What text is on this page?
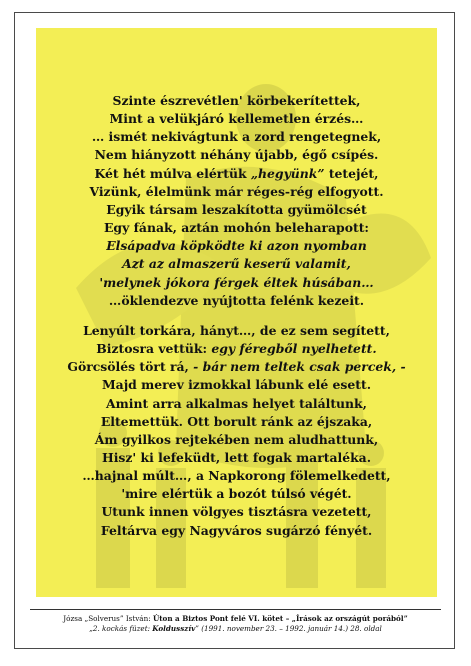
Szinte észrevétlen' körbekerítettek,
Mint a velükjáró kellemetlen érzés…
… ismét nekivágtunk a zord rengetegnek,
Nem hiányzott néhány újabb, égő csípés.
Két hét múlva elértük „hegyünk” tetejét,
Vizünk, élelmünk már réges-rég elfogyott.
Egyik társam leszakította gyümölcsét
Egy fának, aztán mohón beleharapott:
Elsápadva köpködte ki azon nyomban
Azt az almaszerű keserű valamit,
'melynek jókora férgek éltek húsában…
…öklendezve nyújtotta felénk kezeit.
Lenyúlt torkára, hányt…, de ez sem segített,
Biztosra vettük: egy féregből nyelhetett.
Görcsölés tört rá, - bár nem teltek csak percek, -
Majd merev izmokkal lábunk elé esett.
Amint arra alkalmas helyet találtunk,
Eltemettük. Ott borult ránk az éjszaka,
Ám gyilkos rejtekében nem aludhattunk,
Hisz' ki lefeküdt, lett fogak martaléka.
…hajnal múlt…, a Napkorong fölemelkedett,
'mire elértük a bozót túlsó végét.
Utunk innen völgyes tisztásra vezetett,
Feltárva egy Nagyváros sugárzó fényét.
Józsa „Solverus” István: Úton a Biztos Pont felé VI. kötet – „Írások az országút porából”
„2. kockás füzet: Koldusszív” (1991. november 23. – 1992. január 14.) 28. oldal
